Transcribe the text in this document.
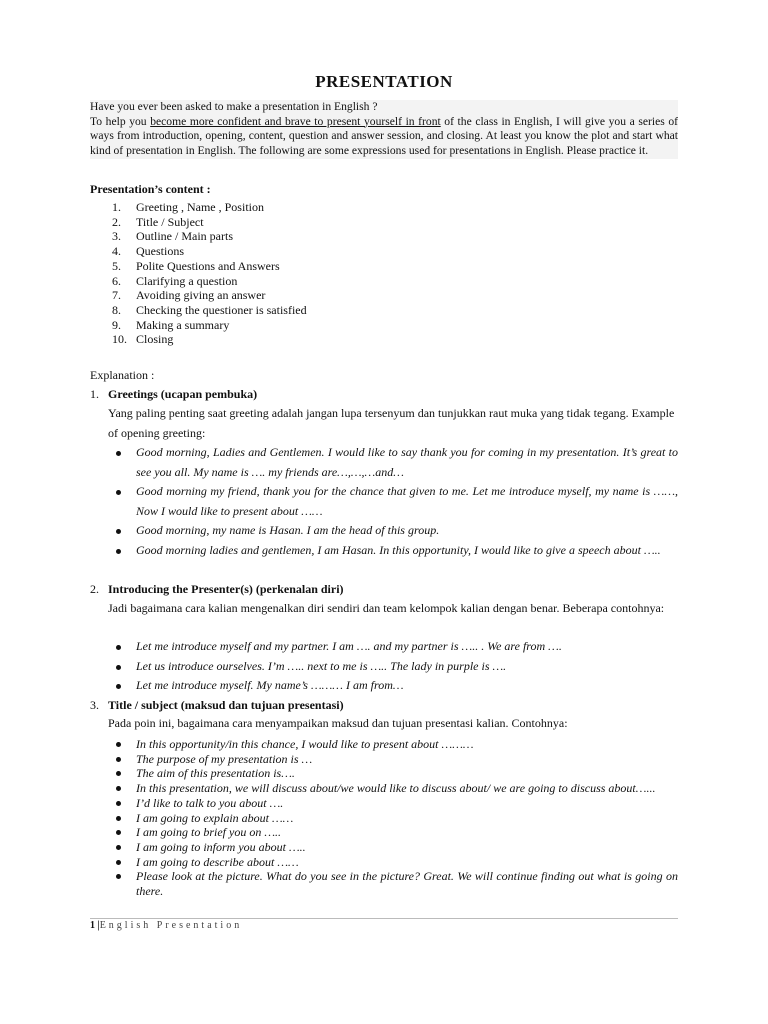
PRESENTATION

Have you ever been asked to make a presentation in English ?

To help you become more confident and brave to present yourself in front of the class in English, I will give you a series of ways from introduction, opening, content, question and answer session, and closing. At least you know the plot and start what kind of presentation in English. The following are some expressions used for presentations in English. Please practice it.

Presentation’s content :
1.	Greeting , Name , Position
2.	Title / Subject
3.	Outline / Main parts
4.	Questions
5.	Polite Questions and Answers
6.	Clarifying a question
7.	Avoiding giving an answer
8.	Checking the questioner is satisfied
9.	Making a summary
10. Closing
Explanation :
1. Greetings (ucapan pembuka)
Yang paling penting saat greeting adalah jangan lupa tersenyum dan tunjukkan raut muka yang tidak tegang. Example of opening greeting:
Good morning, Ladies and Gentlemen. I would like to say thank you for coming in my presentation. It’s great to see you all. My name is …. my friends are…,…,…and…
Good morning my friend, thank you for the chance that given to me. Let me introduce myself, my name is ……, Now I would like to present about ……
Good morning, my name is Hasan. I am the head of this group.
Good morning ladies and gentlemen, I am Hasan. In this opportunity, I would like to give a speech about …..
2. Introducing the Presenter(s) (perkenalan diri)
Jadi bagaimana cara kalian mengenalkan diri sendiri dan team kelompok kalian dengan benar. Beberapa contohnya:
Let me introduce myself and my partner. I am …. and my partner is ….. . We are from ….
Let us introduce ourselves. I’m ….. next to me is ….. The lady in purple is ….
Let me introduce myself. My name’s ……… I am from…
3. Title / subject (maksud dan tujuan presentasi)
Pada poin ini, bagaimana cara menyampaikan maksud dan tujuan presentasi kalian. Contohnya:
In this opportunity/in this chance, I would like to present about ………
The purpose of my presentation is …
The aim of this presentation is….
In this presentation, we will discuss about/we would like to discuss about/ we are going to discuss about…...
I’d like to talk to you about ….
I am going to explain about ……
I am going to brief you on …..
I am going to inform you about …..
I am going to describe about ……
Please look at the picture. What do you see in the picture? Great. We will continue finding out what is going on there.
1 |English Presentation
